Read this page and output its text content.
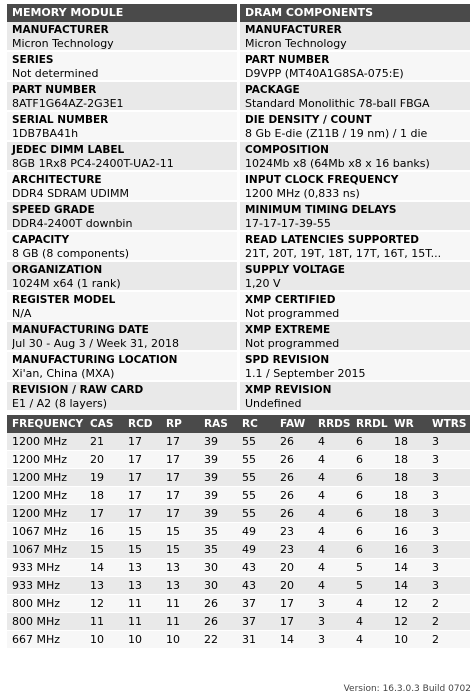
MEMORY MODULE
MANUFACTURER
Micron Technology
SERIES
Not determined
PART NUMBER
8ATF1G64AZ-2G3E1
SERIAL NUMBER
1DB7BA41h
JEDEC DIMM LABEL
8GB 1Rx8 PC4-2400T-UA2-11
ARCHITECTURE
DDR4 SDRAM UDIMM
SPEED GRADE
DDR4-2400T downbin
CAPACITY
8 GB (8 components)
ORGANIZATION
1024M x64 (1 rank)
REGISTER MODEL
N/A
MANUFACTURING DATE
Jul 30 - Aug 3 / Week 31, 2018
MANUFACTURING LOCATION
Xi'an, China (MXA)
REVISION / RAW CARD
E1 / A2 (8 layers)
DRAM COMPONENTS
MANUFACTURER
Micron Technology
PART NUMBER
D9VPP (MT40A1G8SA-075:E)
PACKAGE
Standard Monolithic 78-ball FBGA
DIE DENSITY / COUNT
8 Gb E-die (Z11B / 19 nm) / 1 die
COMPOSITION
1024Mb x8 (64Mb x8 x 16 banks)
INPUT CLOCK FREQUENCY
1200 MHz (0,833 ns)
MINIMUM TIMING DELAYS
17-17-17-39-55
READ LATENCIES SUPPORTED
21T, 20T, 19T, 18T, 17T, 16T, 15T...
SUPPLY VOLTAGE
1,20 V
XMP CERTIFIED
Not programmed
XMP EXTREME
Not programmed
SPD REVISION
1.1 / September 2015
XMP REVISION
Undefined
FREQUENCY	CAS	RCD	RP	RAS	RC	FAW	RRDS	RRDL	WR	WTRS
1200 MHz	21	17	17	39	55	26	4	6	18	3
1200 MHz	20	17	17	39	55	26	4	6	18	3
1200 MHz	19	17	17	39	55	26	4	6	18	3
1200 MHz	18	17	17	39	55	26	4	6	18	3
1200 MHz	17	17	17	39	55	26	4	6	18	3
1067 MHz	16	15	15	35	49	23	4	6	16	3
1067 MHz	15	15	15	35	49	23	4	6	16	3
933 MHz	14	13	13	30	43	20	4	5	14	3
933 MHz	13	13	13	30	43	20	4	5	14	3
800 MHz	12	11	11	26	37	17	3	4	12	2
800 MHz	11	11	11	26	37	17	3	4	12	2
667 MHz	10	10	10	22	31	14	3	4	10	2
Version: 16.3.0.3 Build 0702
